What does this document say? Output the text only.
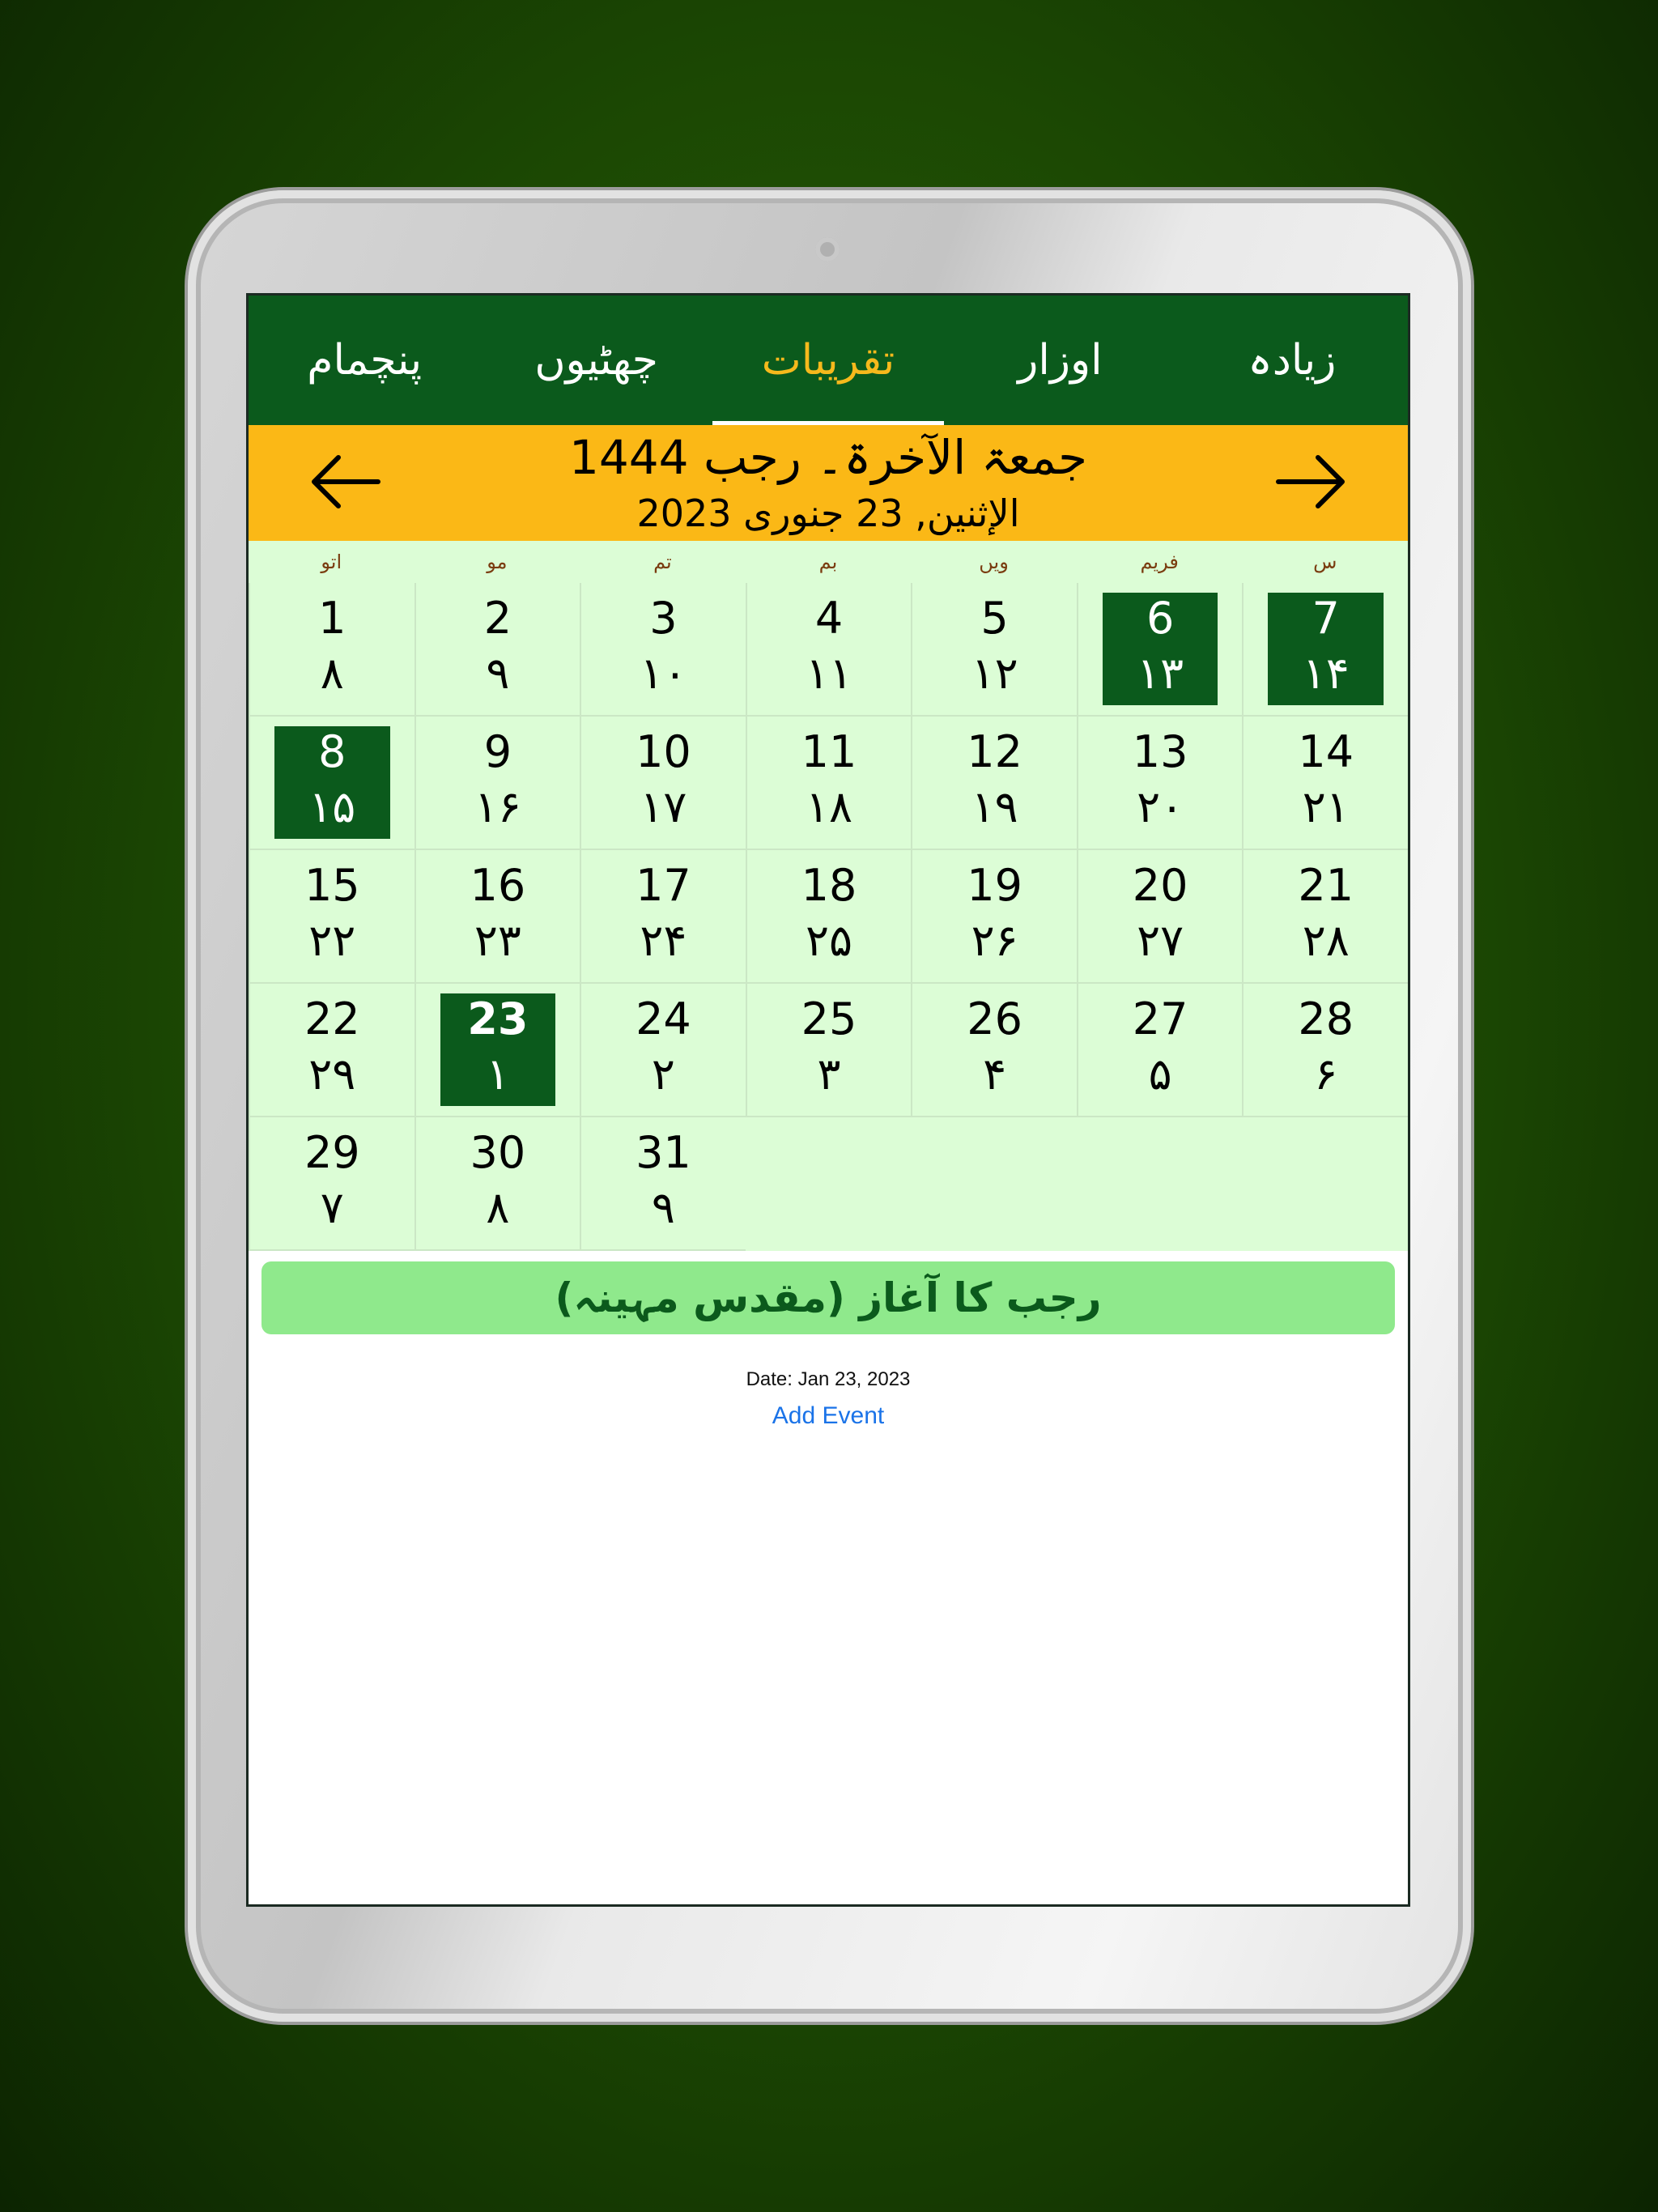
زیادہ
اوزار
تقریبات
چھٹیوں
پنچمام
جمعۃ الآخرۃ۔ رجب 1444
الإثنين, 23 جنوری 2023
س
فریم
ویں
بم
تم
مو
اتو
7
۱۴
6
۱۳
5
۱۲
4
۱۱
3
۱۰
2
۹
1
۸
14
۲۱
13
۲۰
12
۱۹
11
۱۸
10
۱۷
9
۱۶
8
۱۵
21
۲۸
20
۲۷
19
۲۶
18
۲۵
17
۲۴
16
۲۳
15
۲۲
28
۶
27
۵
26
۴
25
۳
24
۲
23
۱
22
۲۹
31
۹
30
۸
29
۷
رجب کا آغاز (مقدس مہینہ)
Date: Jan 23, 2023
Add Event
